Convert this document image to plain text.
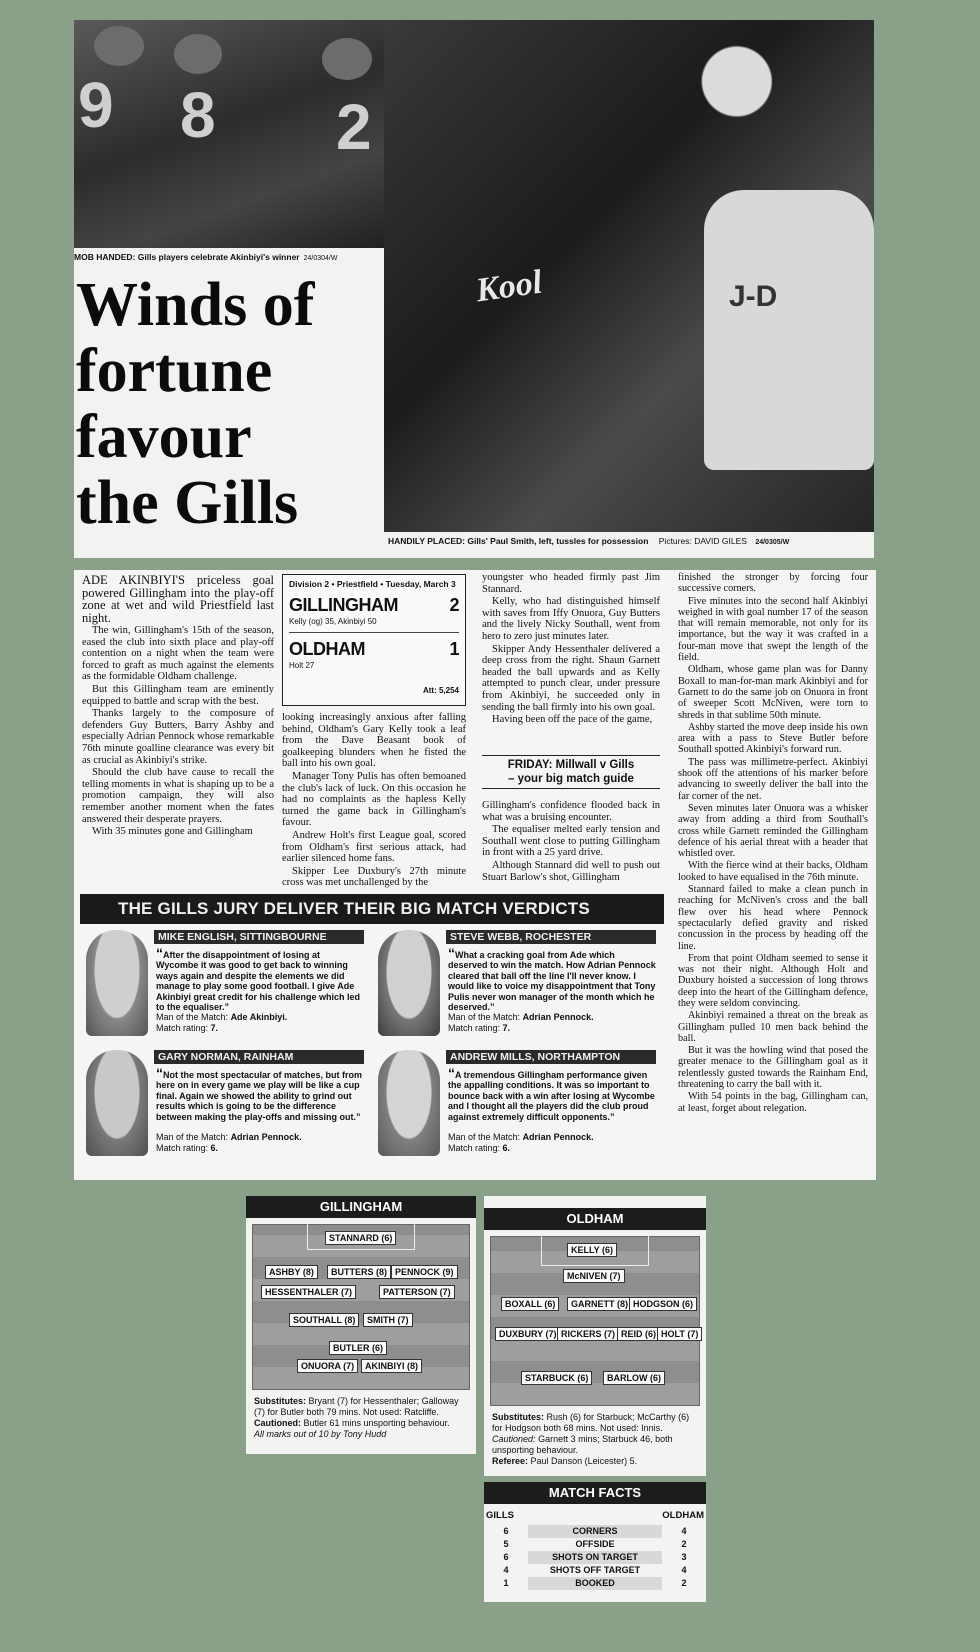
9 8 2
MOB HANDED: Gills players celebrate Akinbiyi's winner 24/0304/W
Winds of
fortune
favour
the Gills
Kool	J-D
HANDILY PLACED: Gills' Paul Smith, left, tussles for possession Pictures: DAVID GILES 24/0305/W

ADE AKINBIYI'S priceless goal powered Gillingham into the play-off zone at wet and wild Priestfield last night.

The win, Gillingham's 15th of the season, eased the club into sixth place and play-off contention on a night when the team were forced to graft as much against the elements as the formidable Oldham challenge.

But this Gillingham team are eminently equipped to battle and scrap with the best.

Thanks largely to the composure of defenders Guy Butters, Barry Ashby and especially Adrian Pennock whose remarkable 76th minute goalline clearance was every bit as crucial as Akinbiyi's strike.

Should the club have cause to recall the telling moments in what is shaping up to be a promotion campaign, they will also remember another moment when the fates answered their desperate prayers.

With 35 minutes gone and Gillingham

Division 2 • Priestfield • Tuesday, March 3
GILLINGHAM	2
Kelly (og) 35, Akinbiyi 50
OLDHAM	1
Holt 27
Att: 5,254

looking increasingly anxious after falling behind, Oldham's Gary Kelly took a leaf from the Dave Beasant book of goalkeeping blunders when he fisted the ball into his own goal.

Manager Tony Pulis has often bemoaned the club's lack of luck. On this occasion he had no complaints as the hapless Kelly turned the game back in Gillingham's favour.

Andrew Holt's first League goal, scored from Oldham's first serious attack, had earlier silenced home fans.

Skipper Lee Duxbury's 27th minute cross was met unchallenged by the

youngster who headed firmly past Jim Stannard.

Kelly, who had distinguished himself with saves from Iffy Onuora, Guy Butters and the lively Nicky Southall, went from hero to zero just minutes later.

Skipper Andy Hessenthaler delivered a deep cross from the right. Shaun Garnett headed the ball upwards and as Kelly attempted to punch clear, under pressure from Akinbiyi, he succeeded only in sending the ball firmly into his own goal.

Having been off the pace of the game,

FRIDAY: Millwall v Gills
– your big match guide

Gillingham's confidence flooded back in what was a bruising encounter.

The equaliser melted early tension and Southall went close to putting Gillingham in front with a 25 yard drive.

Although Stannard did well to push out Stuart Barlow's shot, Gillingham

finished the stronger by forcing four successive corners.

Five minutes into the second half Akinbiyi weighed in with goal number 17 of the season that will remain memorable, not only for its importance, but the way it was crafted in a four-man move that swept the length of the field.

Oldham, whose game plan was for Danny Boxall to man-for-man mark Akinbiyi and for Garnett to do the same job on Onuora in front of sweeper Scott McNiven, were torn to shreds in that sublime 50th minute.

Ashby started the move deep inside his own area with a pass to Steve Butler before Southall spotted Akinbiyi's forward run.

The pass was millimetre-perfect. Akinbiyi shook off the attentions of his marker before advancing to sweetly deliver the ball into the far corner of the net.

Seven minutes later Onuora was a whisker away from adding a third from Southall's cross while Garnett reminded the Gillingham defence of his aerial threat with a header that whistled over.

With the fierce wind at their backs, Oldham looked to have equalised in the 76th minute.

Stannard failed to make a clean punch in reaching for McNiven's cross and the ball flew over his head where Pennock spectacularly defied gravity and risked concussion in the process by heading off the line.

From that point Oldham seemed to sense it was not their night. Although Holt and Duxbury hoisted a succession of long throws deep into the heart of the Gillingham defence, they were seldom convincing.

Akinbiyi remained a threat on the break as Gillingham pulled 10 men back behind the ball.

But it was the howling wind that posed the greater menace to the Gillingham goal as it relentlessly gusted towards the Rainham End, threatening to carry the ball with it.

With 54 points in the bag, Gillingham can, at least, forget about relegation.

THE GILLS JURY DELIVER THEIR BIG MATCH VERDICTS
MIKE ENGLISH, SITTINGBOURNE
“After the disappointment of losing at Wycombe it was good to get back to winning ways again and despite the elements we did manage to play some good football. I give Ade Akinbiyi great credit for his challenge which led to the equaliser.”
Man of the Match: Ade Akinbiyi.
Match rating: 7.
STEVE WEBB, ROCHESTER
“What a cracking goal from Ade which deserved to win the match. How Adrian Pennock cleared that ball off the line I'll never know. I would like to voice my disappointment that Tony Pulis never won manager of the month which he deserved.”
Man of the Match: Adrian Pennock.
Match rating: 7.
GARY NORMAN, RAINHAM
“Not the most spectacular of matches, but from here on in every game we play will be like a cup final. Again we showed the ability to grind out results which is going to be the difference between making the play-offs and missing out.”
Man of the Match: Adrian Pennock.
Match rating: 6.
ANDREW MILLS, NORTHAMPTON
“A tremendous Gillingham performance given the appalling conditions. It was so important to bounce back with a win after losing at Wycombe and I thought all the players did the club proud against extremely difficult opponents.”
Man of the Match: Adrian Pennock.
Match rating: 6.
GILLINGHAM
STANNARD (6)
ASHBY (8)	BUTTERS (8) PENNOCK (9)
HESSENTHALER (7)	PATTERSON (7)
SOUTHALL (8)	SMITH (7)
BUTLER (6)
ONUORA (7)	AKINBIYI (8)
Substitutes: Bryant (7) for Hessenthaler; Galloway (7) for Butler both 79 mins. Not used: Ratcliffe.
Cautioned: Butler 61 mins unsporting behaviour.
All marks out of 10 by Tony Hudd
OLDHAM
KELLY (6)
McNIVEN (7)
BOXALL (6)	GARNETT (8) HODGSON (6)
DUXBURY (7) RICKERS (7) REID (6) HOLT (7)
STARBUCK (6)	BARLOW (6)
Substitutes: Rush (6) for Starbuck; McCarthy (6) for Hodgson both 68 mins. Not used: Innis.
Cautioned: Garnett 3 mins; Starbuck 46, both unsporting behaviour.
Referee: Paul Danson (Leicester) 5.
MATCH FACTS
GILLS	OLDHAM
6	CORNERS	4
5	OFFSIDE	2
6	SHOTS ON TARGET	3
4	SHOTS OFF TARGET	4
1	BOOKED	2
